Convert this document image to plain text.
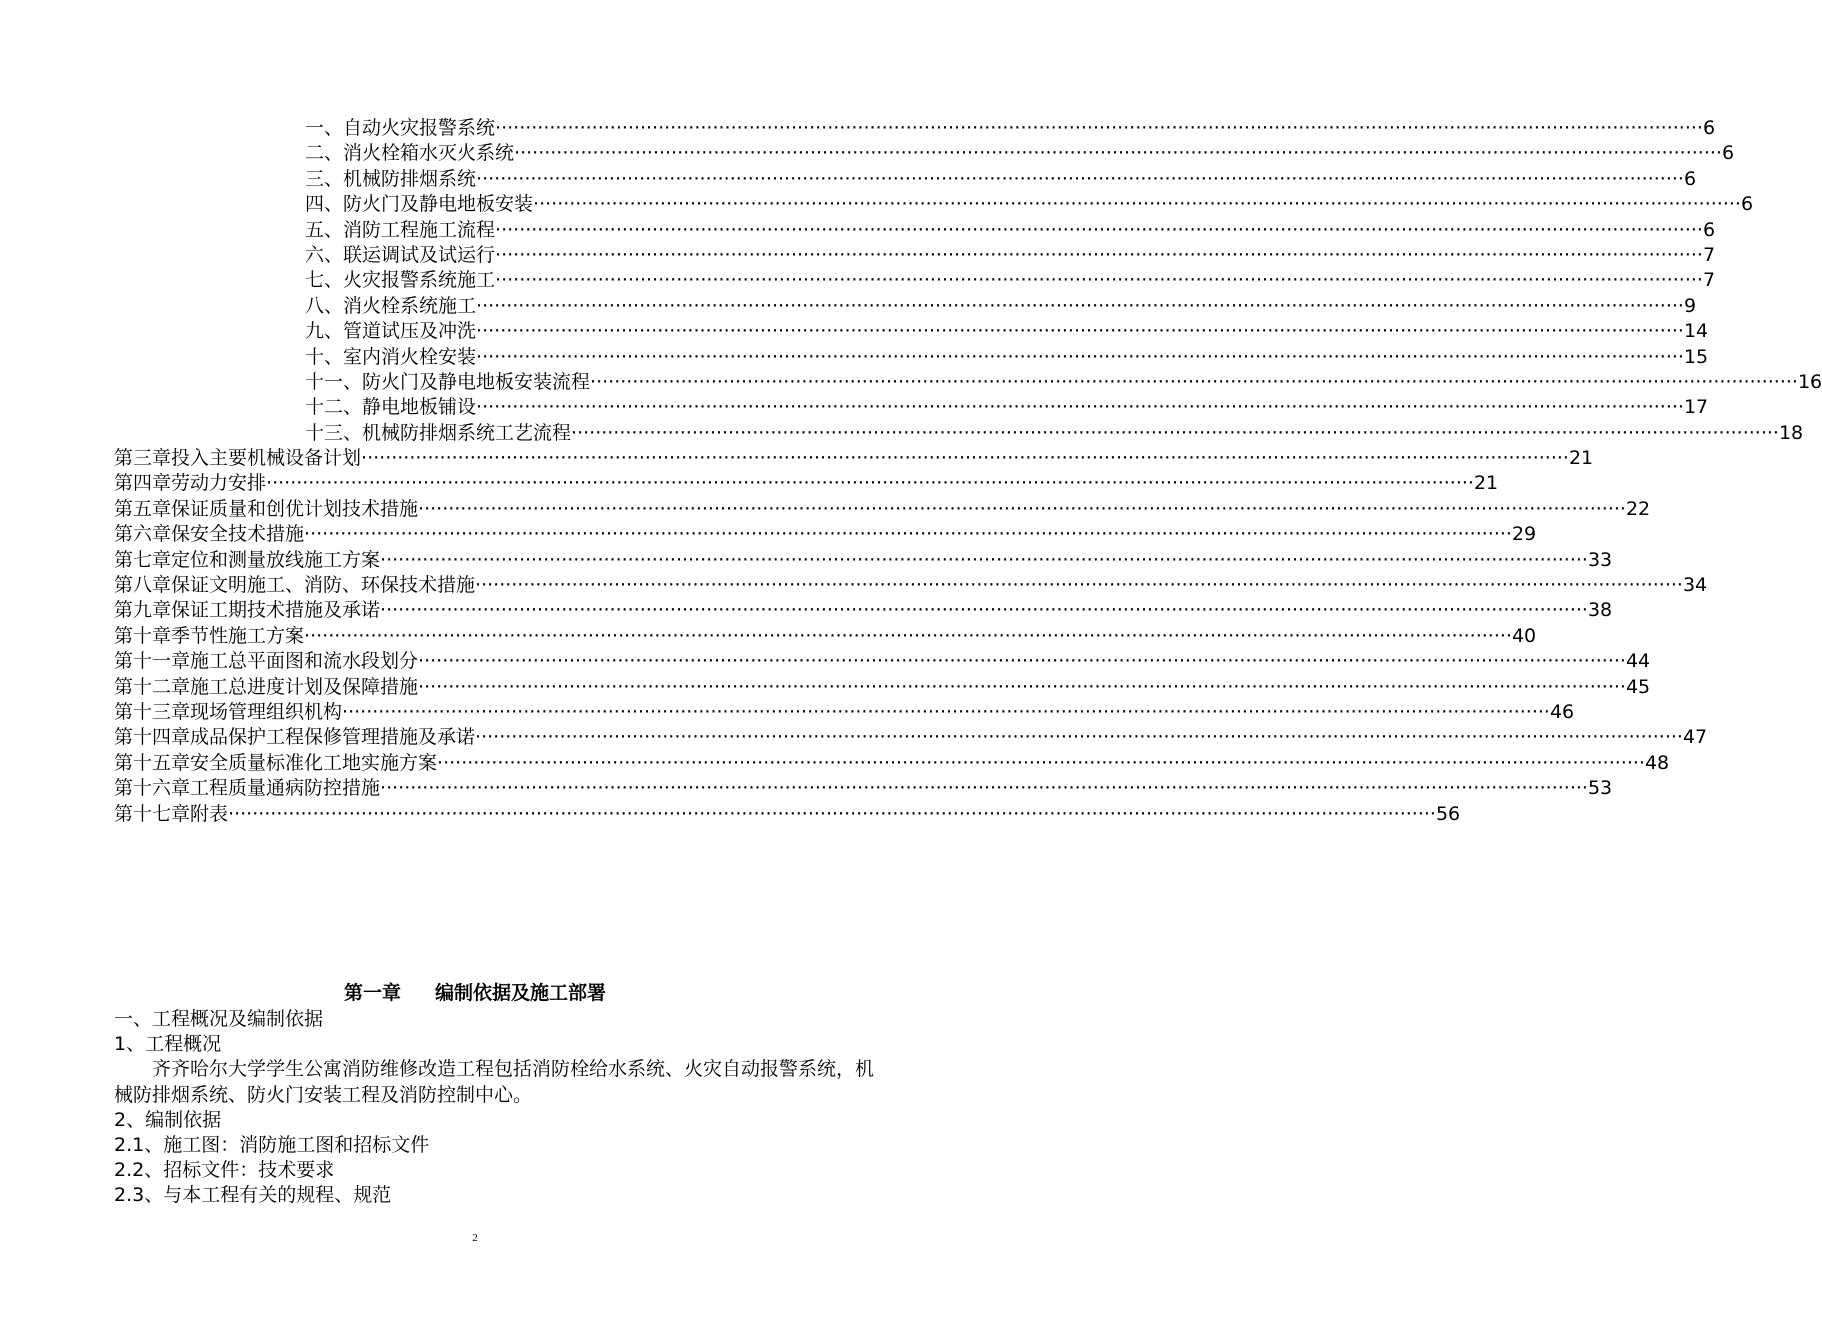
一、 自动火灾报警系统 ········································································································································································································ 6
二、 消火栓箱水灭火系统 ········································································································································································································ 6
三、 机械防排烟系统 ········································································································································································································ 6
四、 防火门及静电地板安装 ········································································································································································································ 6
五、 消防工程施工流程 ········································································································································································································ 6
六、 联运调试及试运行 ········································································································································································································ 7
七、 火灾报警系统施工 ········································································································································································································ 7
八、 消火栓系统施工 ········································································································································································································ 9
九、 管道试压及冲洗 ········································································································································································································ 14
十、 室内消火栓安装 ········································································································································································································ 15
十一、 防火门及静电地板安装流程 ········································································································································································································ 16
十二、 静电地板铺设 ········································································································································································································ 17
十三、 机械防排烟系统工艺流程 ········································································································································································································ 18
第三章 投入主要机械设备计划 ········································································································································································································ 21
第四章 劳动力安排 ········································································································································································································ 21
第五章 保证质量和创优计划技术措施 ········································································································································································································ 22
第六章 保安全技术措施 ········································································································································································································ 29
第七章 定位和测量放线施工方案 ········································································································································································································ 33
第八章 保证文明施工、消防、环保技术措施 ········································································································································································································ 34
第九章 保证工期技术措施及承诺 ········································································································································································································ 38
第十章 季节性施工方案 ········································································································································································································ 40
第十一章 施工总平面图和流水段划分 ········································································································································································································ 44
第十二章 施工总进度计划及保障措施 ········································································································································································································ 45
第十三章 现场管理组织机构 ········································································································································································································ 46
第十四章 成品保护工程保修管理措施及承诺 ········································································································································································································ 47
第十五章 安全质量标准化工地实施方案 ········································································································································································································ 48
第十六章 工程质量通病防控措施 ········································································································································································································ 53
第十七章 附表 ········································································································································································································ 56
第一章 编制依据及施工部署
一、工程概况及编制依据
1、工程概况
齐齐哈尔大学学生公寓消防维修改造工程包括消防栓给水系统、火灾自动报警系统，机械防排烟系统、防火门安装工程及消防控制中心。
2、编制依据
2.1、施工图：消防施工图和招标文件
2.2、招标文件：技术要求
2.3、与本工程有关的规程、规范
2
